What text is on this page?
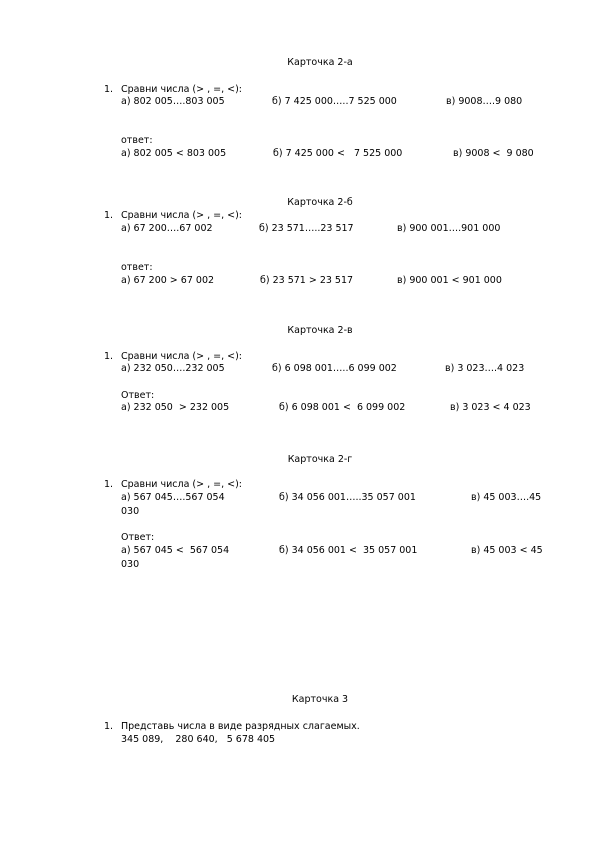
Карточка 2-а
1. Сравни числа (> , =, <):
а) 802 005….803 005	б) 7 425 000…..7 525 000	в) 9008….9 080
ответ:
а) 802 005 < 803 005	б) 7 425 000 <   7 525 000	в) 9008 <  9 080
Карточка 2-б
1. Сравни числа (> , =, <):
а) 67 200….67 002	б) 23 571…..23 517	в) 900 001….901 000
ответ:
а) 67 200 > 67 002	б) 23 571 > 23 517	в) 900 001 < 901 000
Карточка 2-в
1. Сравни числа (> , =, <):
а) 232 050….232 005	б) 6 098 001…..6 099 002	в) 3 023….4 023
Ответ:
а) 232 050  > 232 005	б) 6 098 001 <  6 099 002	в) 3 023 < 4 023
Карточка 2-г
1. Сравни числа (> , =, <):
а) 567 045….567 054	б) 34 056 001…..35 057 001	в) 45 003….45
030
Ответ:
а) 567 045 <  567 054	б) 34 056 001 <  35 057 001	в) 45 003 < 45
030
Карточка 3
1. Представь числа в виде разрядных слагаемых.
345 089,    280 640,   5 678 405
